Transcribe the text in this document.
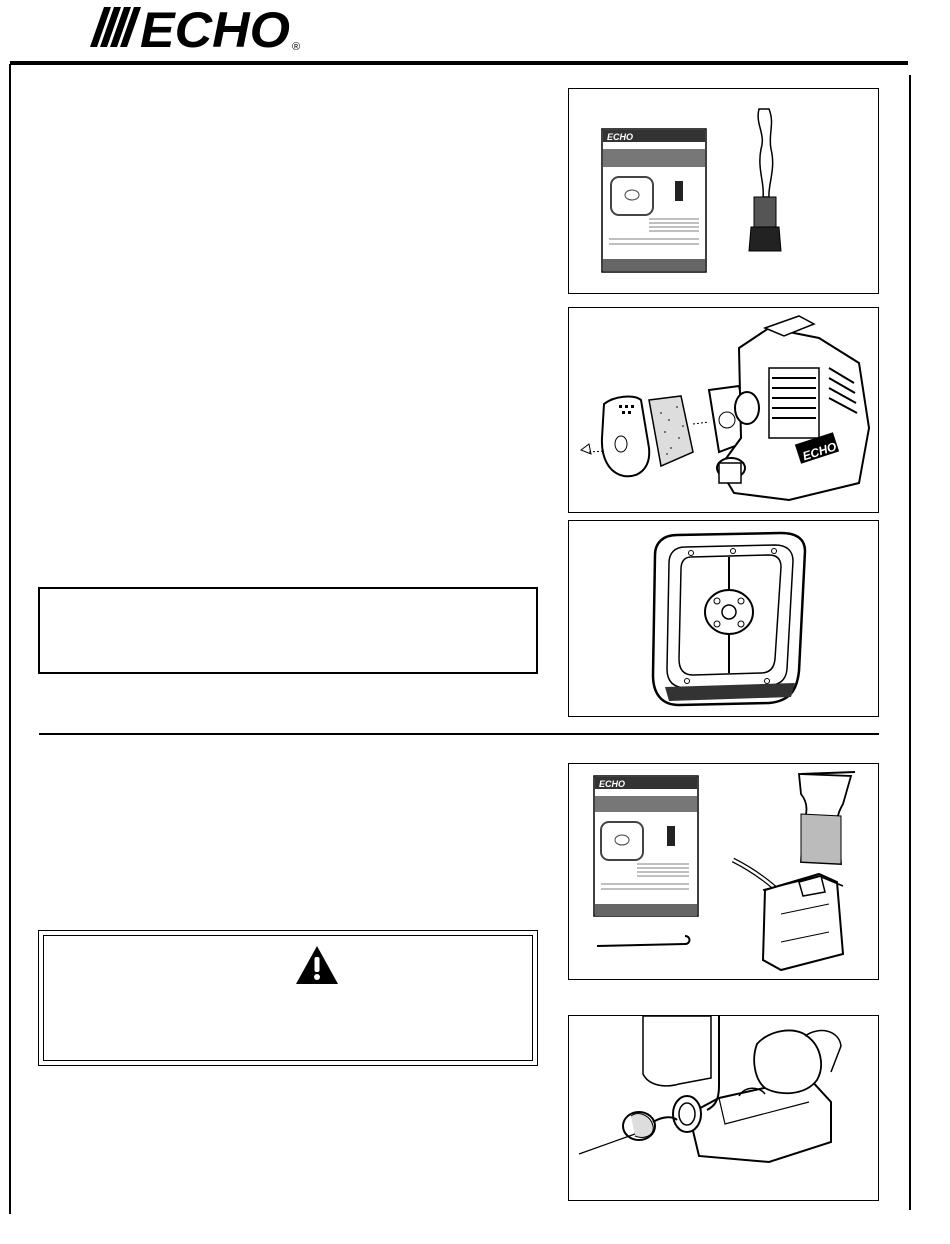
ECHO ®
ECHO
ECHO
ECHO
